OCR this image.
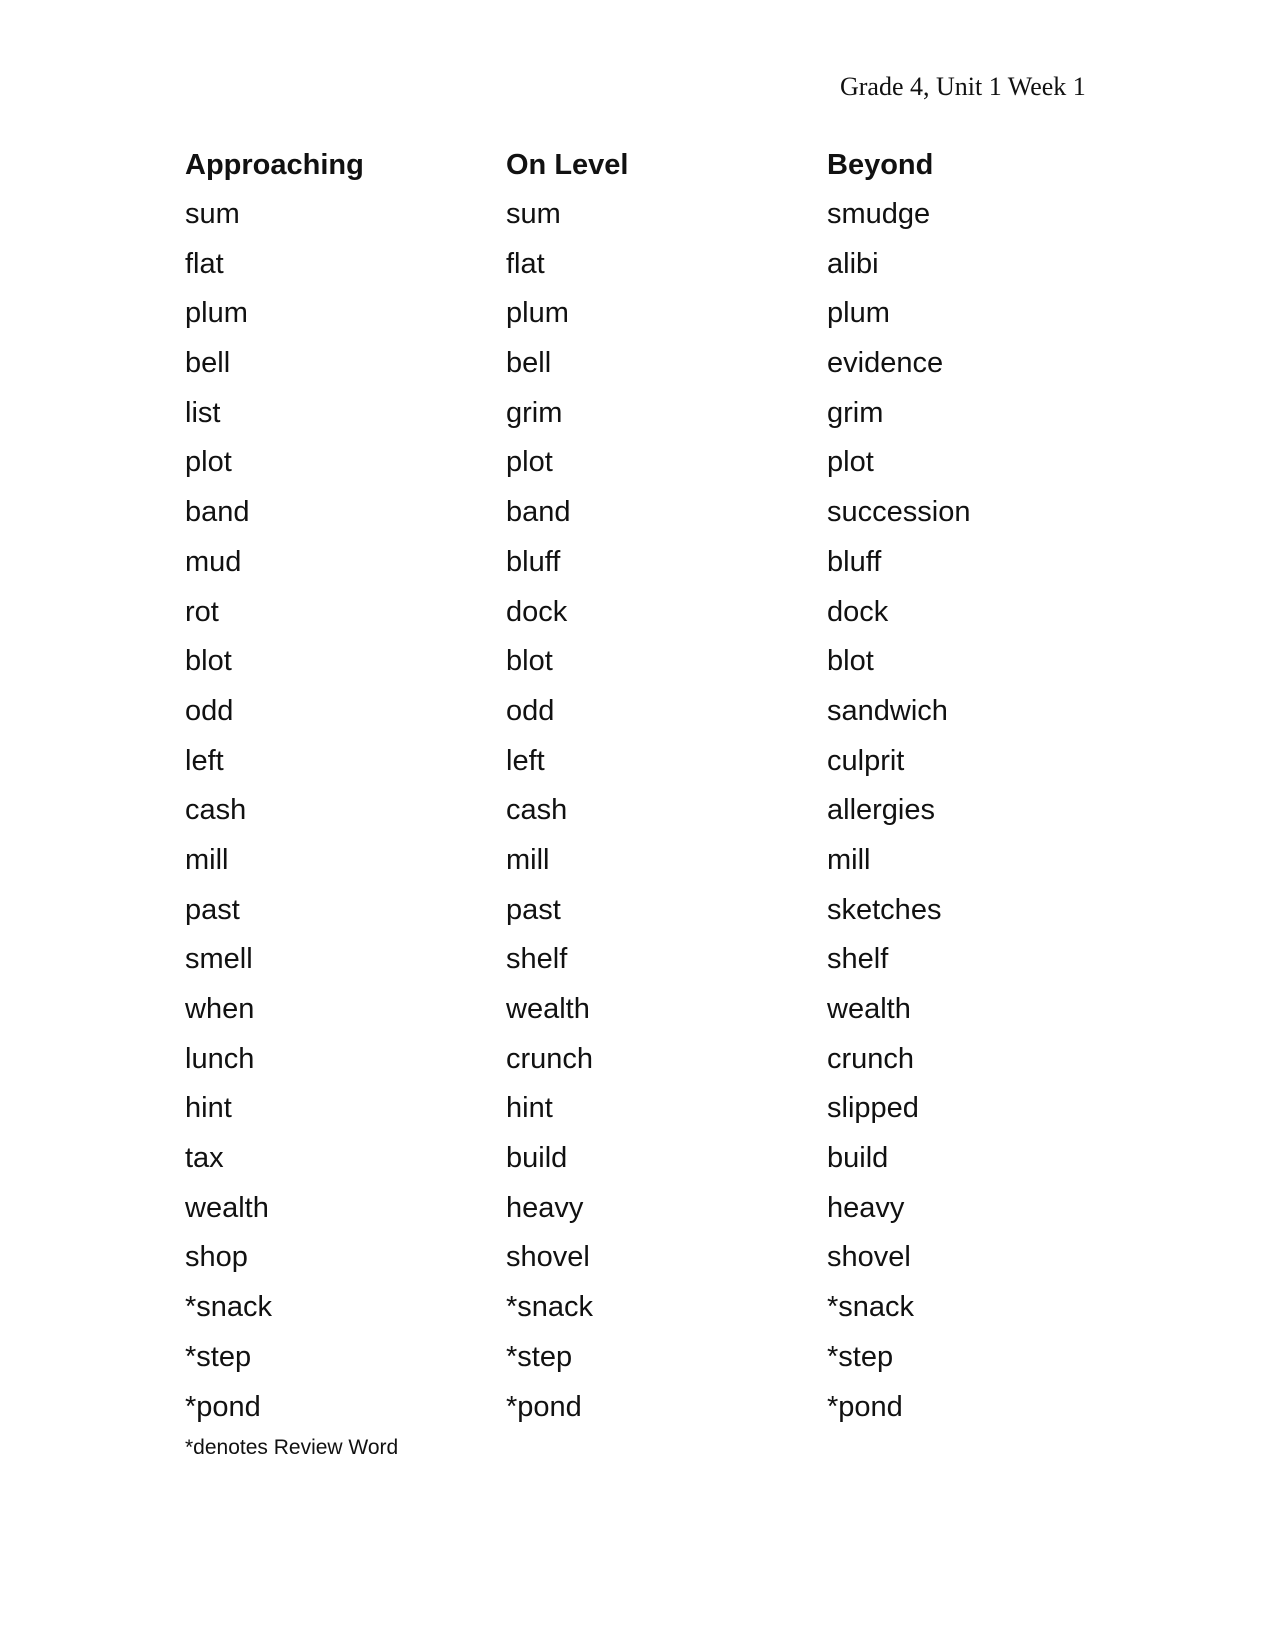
Grade 4, Unit 1 Week 1
Approaching
sum
flat
plum
bell
list
plot
band
mud
rot
blot
odd
left
cash
mill
past
smell
when
lunch
hint
tax
wealth
shop
*snack
*step
*pond
On Level
sum
flat
plum
bell
grim
plot
band
bluff
dock
blot
odd
left
cash
mill
past
shelf
wealth
crunch
hint
build
heavy
shovel
*snack
*step
*pond
Beyond
smudge
alibi
plum
evidence
grim
plot
succession
bluff
dock
blot
sandwich
culprit
allergies
mill
sketches
shelf
wealth
crunch
slipped
build
heavy
shovel
*snack
*step
*pond
*denotes Review Word
